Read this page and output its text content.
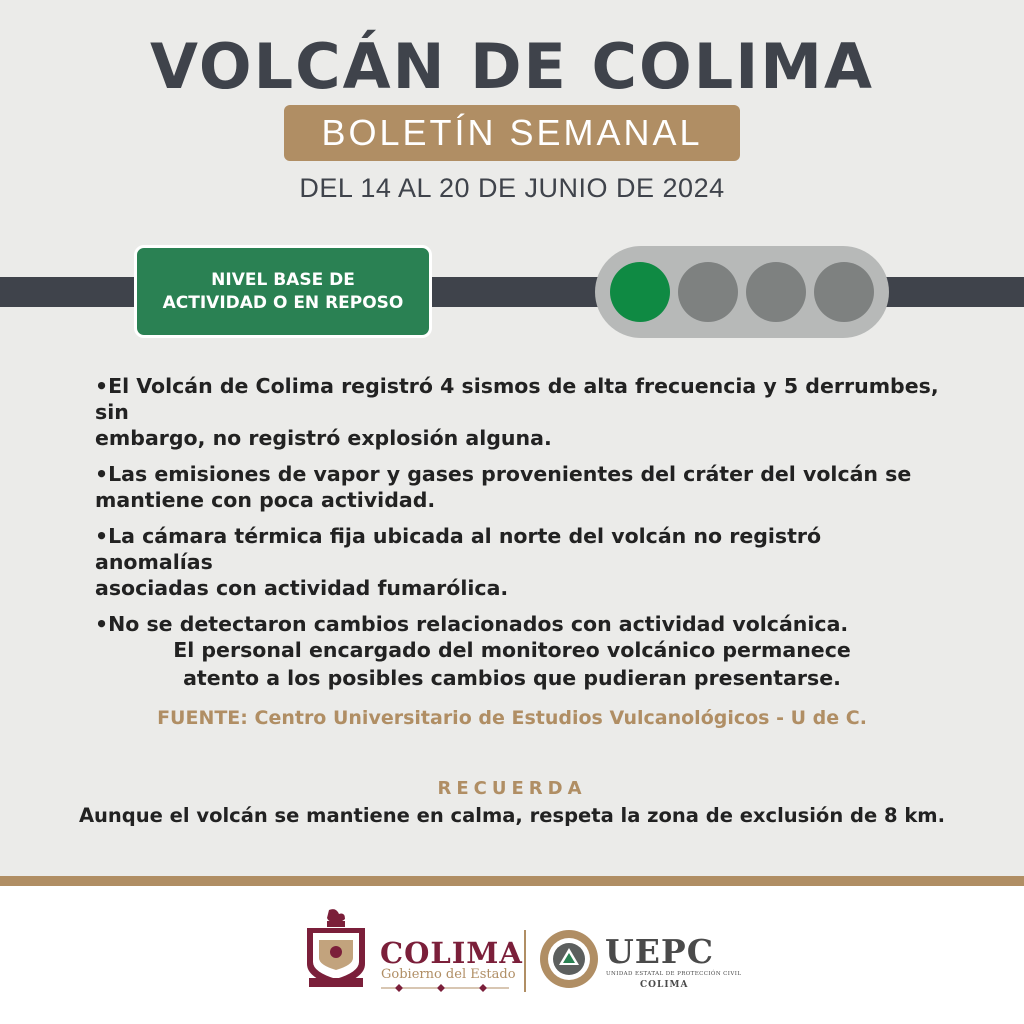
VOLCÁN DE COLIMA
BOLETÍN SEMANAL
DEL 14 AL 20 DE JUNIO DE 2024
NIVEL BASE DE
ACTIVIDAD O EN REPOSO

•El Volcán de Colima registró 4 sismos de alta frecuencia y 5 derrumbes, sin
embargo, no registró explosión alguna.

•Las emisiones de vapor y gases provenientes del cráter del volcán se
mantiene con poca actividad.

•La cámara térmica fija ubicada al norte del volcán no registró anomalías
asociadas con actividad fumarólica.

•No se detectaron cambios relacionados con actividad volcánica.

El personal encargado del monitoreo volcánico permanece
atento a los posibles cambios que pudieran presentarse.
FUENTE: Centro Universitario de Estudios Vulcanológicos - U de C.
RECUERDA
Aunque el volcán se mantiene en calma, respeta la zona de exclusión de 8 km.
COLIMA
Gobierno del Estado
UEPC
UNIDAD ESTATAL DE PROTECCIÓN CIVIL
COLIMA
